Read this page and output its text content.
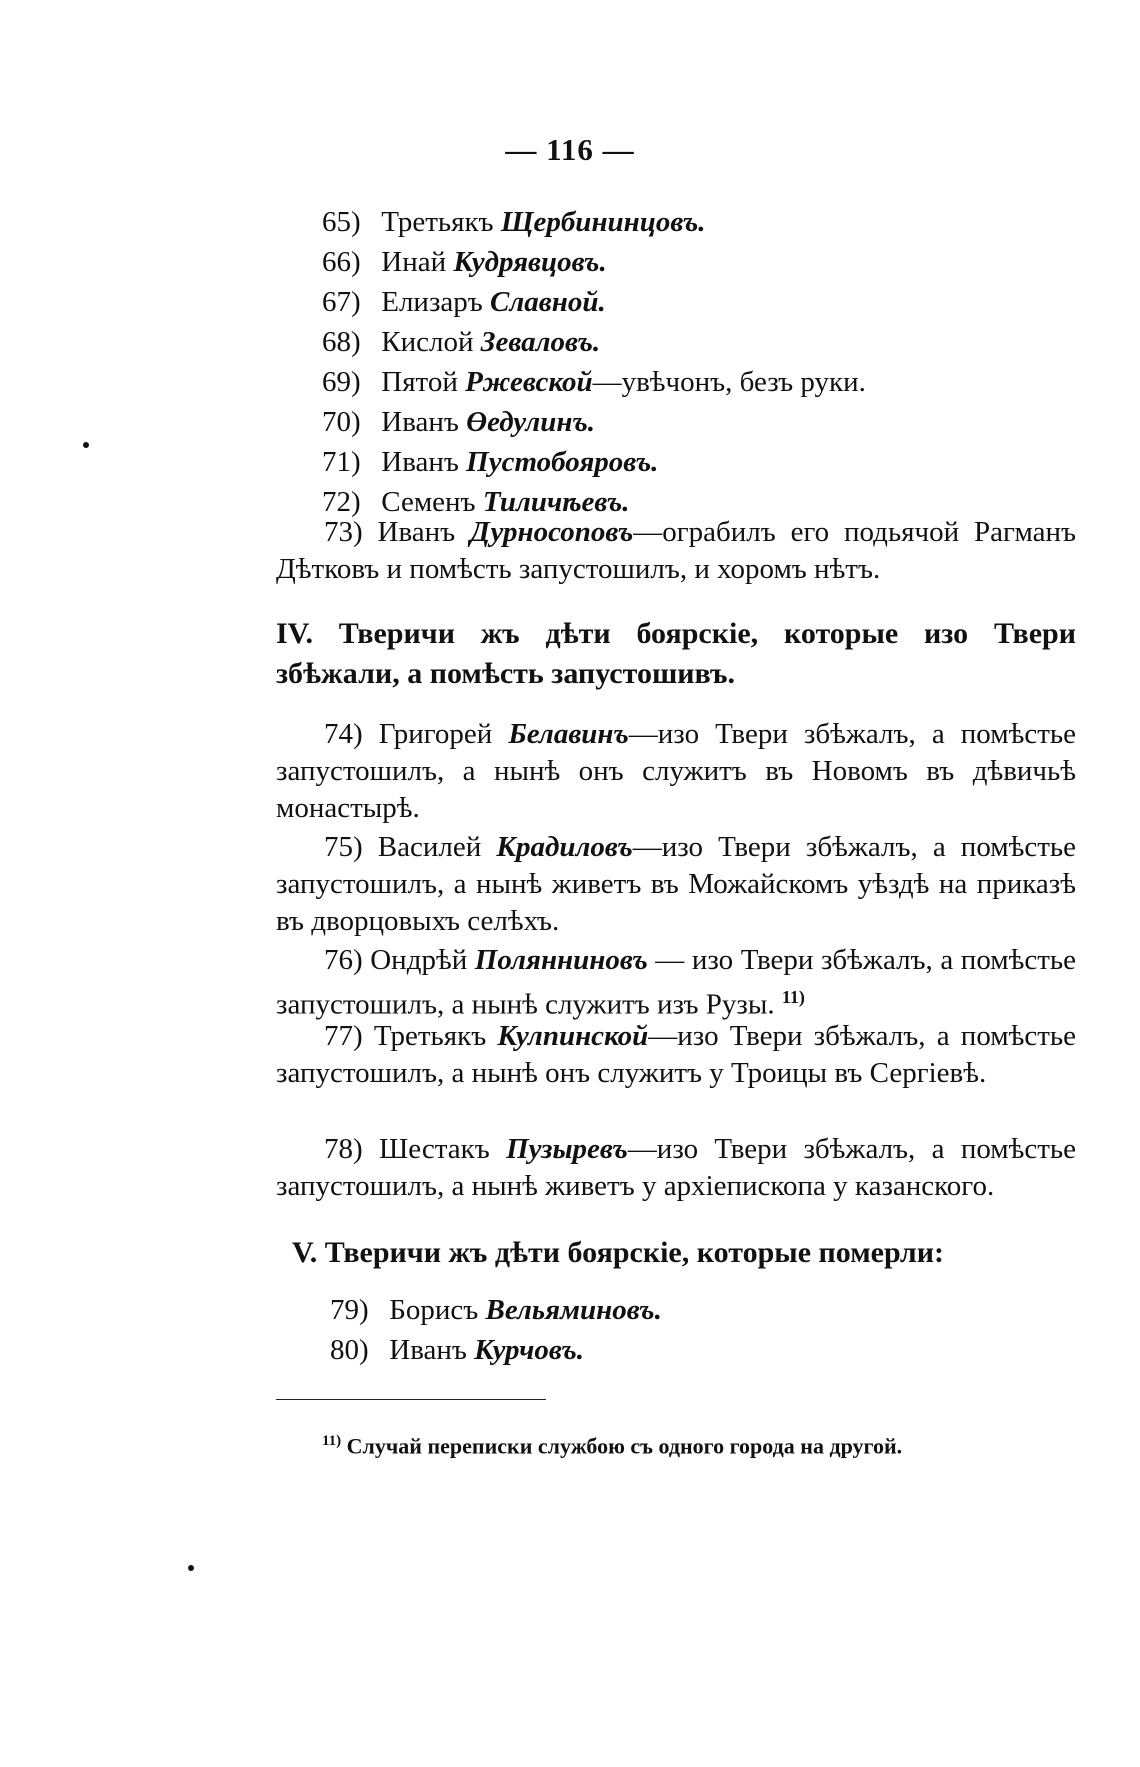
— 116 —
65) Третьякъ Щербининцовъ.
66) Инай Кудрявцовъ.
67) Елизаръ Славной.
68) Кислой Зеваловъ.
69) Пятой Ржевской—увѣчонъ, безъ руки.
70) Иванъ Өедулинъ.
71) Иванъ Пустобояровъ.
72) Семенъ Тиличѣевъ.
73) Иванъ Дурносоповъ—ограбилъ его подьячой Рагманъ Дѣтковъ и помѣсть запустошилъ, и хоромъ нѣтъ.
IV. Тверичи жъ дѣти боярскіе, которые изо Твери збѣжали, а помѣсть запустошивъ.
74) Григорей Белавинъ—изо Твери збѣжалъ, а помѣстье запустошилъ, а нынѣ онъ служитъ въ Новомъ въ дѣвичьѣ монастырѣ.
75) Василей Крадиловъ—изо Твери збѣжалъ, а помѣстье запустошилъ, а нынѣ живетъ въ Можайскомъ уѣздѣ на приказѣ въ дворцовыхъ селѣхъ.
76) Ондрѣй Полянниновъ — изо Твери збѣжалъ, а помѣстье запустошилъ, а нынѣ служитъ изъ Рузы. $^{11)}$
77) Третьякъ Кулпинской—изо Твери збѣжалъ, а помѣстье запустошилъ, а нынѣ онъ служитъ у Троицы въ Сергіевѣ.
78) Шестакъ Пузыревъ—изо Твери збѣжалъ, а помѣстье запустошилъ, а нынѣ живетъ у архіепископа у казанского.
V. Тверичи жъ дѣти боярскіе, которые померли:
79) Борисъ Вельяминовъ.
80) Иванъ Курчовъ.
$^{11)}$ Случай переписки службою съ одного города на другой.
